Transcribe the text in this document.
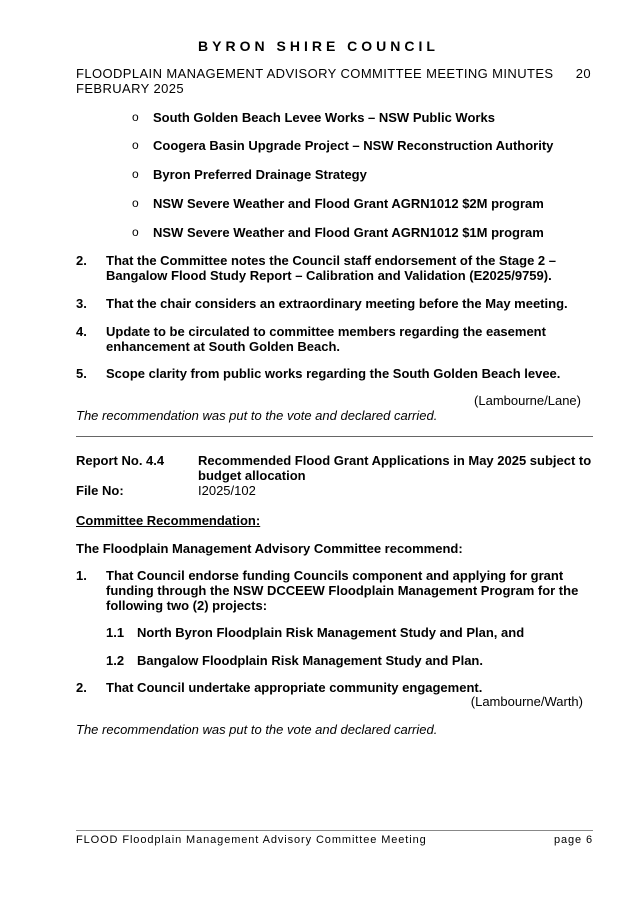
BYRON SHIRE COUNCIL
FLOODPLAIN MANAGEMENT ADVISORY COMMITTEE MEETING MINUTES 20
FEBRUARY 2025
o South Golden Beach Levee Works – NSW Public Works
o Coogera Basin Upgrade Project – NSW Reconstruction Authority
o Byron Preferred Drainage Strategy
o NSW Severe Weather and Flood Grant AGRN1012 $2M program
o NSW Severe Weather and Flood Grant AGRN1012 $1M program
2. That the Committee notes the Council staff endorsement of the Stage 2 – Bangalow Flood Study Report – Calibration and Validation (E2025/9759).
3. That the chair considers an extraordinary meeting before the May meeting.
4. Update to be circulated to committee members regarding the easement enhancement at South Golden Beach.
5. Scope clarity from public works regarding the South Golden Beach levee.
(Lambourne/Lane)
The recommendation was put to the vote and declared carried.
Report No. 4.4	Recommended Flood Grant Applications in May 2025 subject to budget allocation
File No:	I2025/102
Committee Recommendation:
The Floodplain Management Advisory Committee recommend:
1. That Council endorse funding Councils component and applying for grant funding through the NSW DCCEEW Floodplain Management Program for the following two (2) projects:
1.1 North Byron Floodplain Risk Management Study and Plan, and
1.2 Bangalow Floodplain Risk Management Study and Plan.
2. That Council undertake appropriate community engagement.
(Lambourne/Warth)
The recommendation was put to the vote and declared carried.
FLOOD Floodplain Management Advisory Committee Meeting	page 6
